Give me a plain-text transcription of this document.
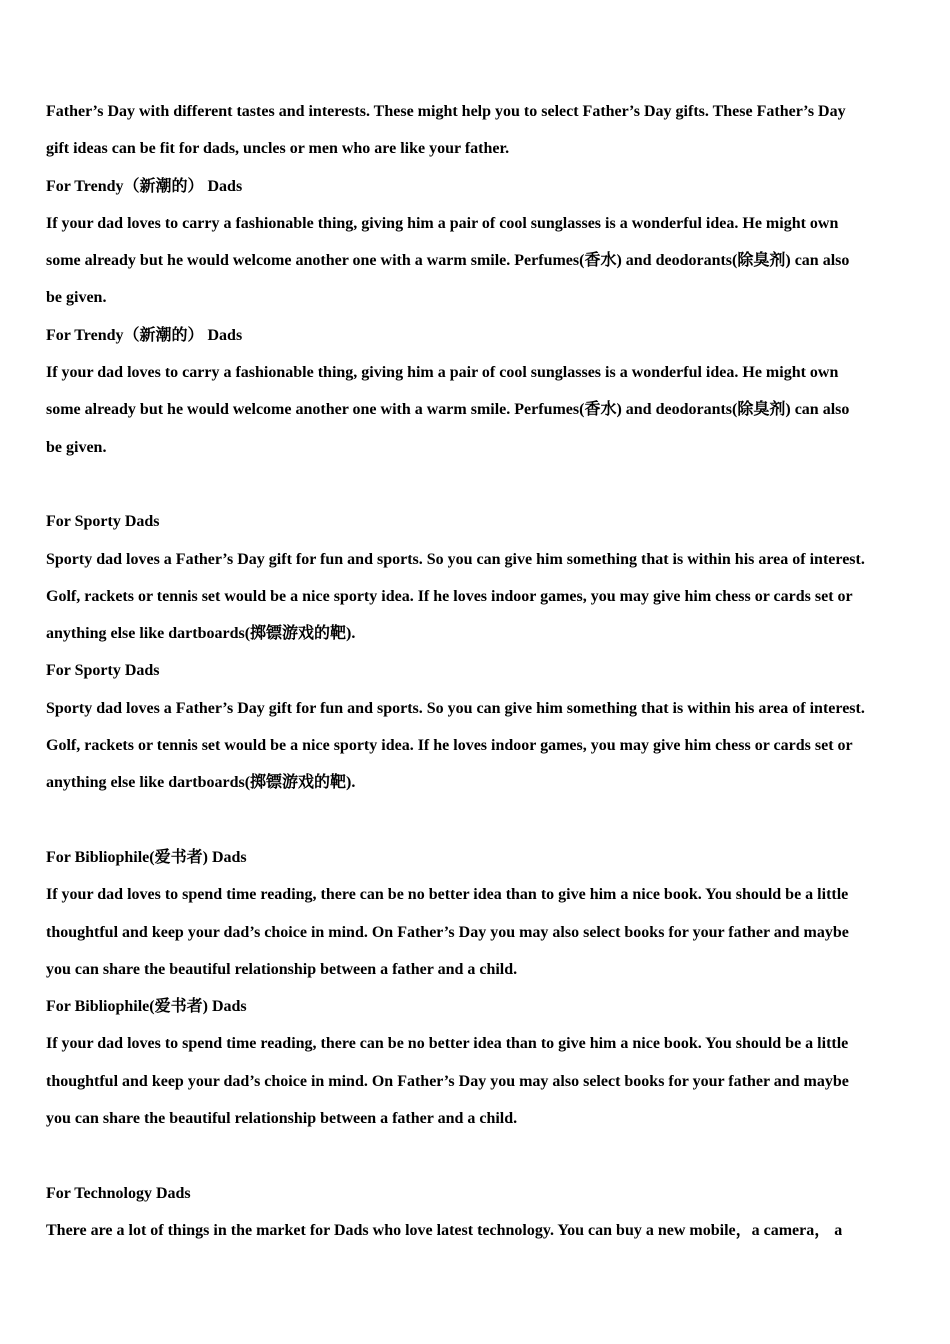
Father’s Day with different tastes and interests. These might help you to select Father’s Day gifts. These Father’s Day
gift ideas can be fit for dads, uncles or men who are like your father.
For Trendy（新潮的） Dads
If your dad loves to carry a fashionable thing, giving him a pair of cool sunglasses is a wonderful idea. He might own
some already but he would welcome another one with a warm smile. Perfumes(香水) and deodorants(除臭剂) can also
be given.
For Trendy（新潮的） Dads
If your dad loves to carry a fashionable thing, giving him a pair of cool sunglasses is a wonderful idea. He might own
some already but he would welcome another one with a warm smile. Perfumes(香水) and deodorants(除臭剂) can also
be given.
For Sporty Dads
Sporty dad loves a Father’s Day gift for fun and sports. So you can give him something that is within his area of interest.
Golf, rackets or tennis set would be a nice sporty idea. If he loves indoor games, you may give him chess or cards set or
anything else like dartboards(掷镖游戏的靶).
For Sporty Dads
Sporty dad loves a Father’s Day gift for fun and sports. So you can give him something that is within his area of interest.
Golf, rackets or tennis set would be a nice sporty idea. If he loves indoor games, you may give him chess or cards set or
anything else like dartboards(掷镖游戏的靶).
For Bibliophile(爱书者) Dads
If your dad loves to spend time reading, there can be no better idea than to give him a nice book. You should be a little
thoughtful and keep your dad’s choice in mind. On Father’s Day you may also select books for your father and maybe
you can share the beautiful relationship between a father and a child.
For Bibliophile(爱书者) Dads
If your dad loves to spend time reading, there can be no better idea than to give him a nice book. You should be a little
thoughtful and keep your dad’s choice in mind. On Father’s Day you may also select books for your father and maybe
you can share the beautiful relationship between a father and a child.
For Technology Dads
There are a lot of things in the market for Dads who love latest technology. You can buy a new mobile，a camera， a
